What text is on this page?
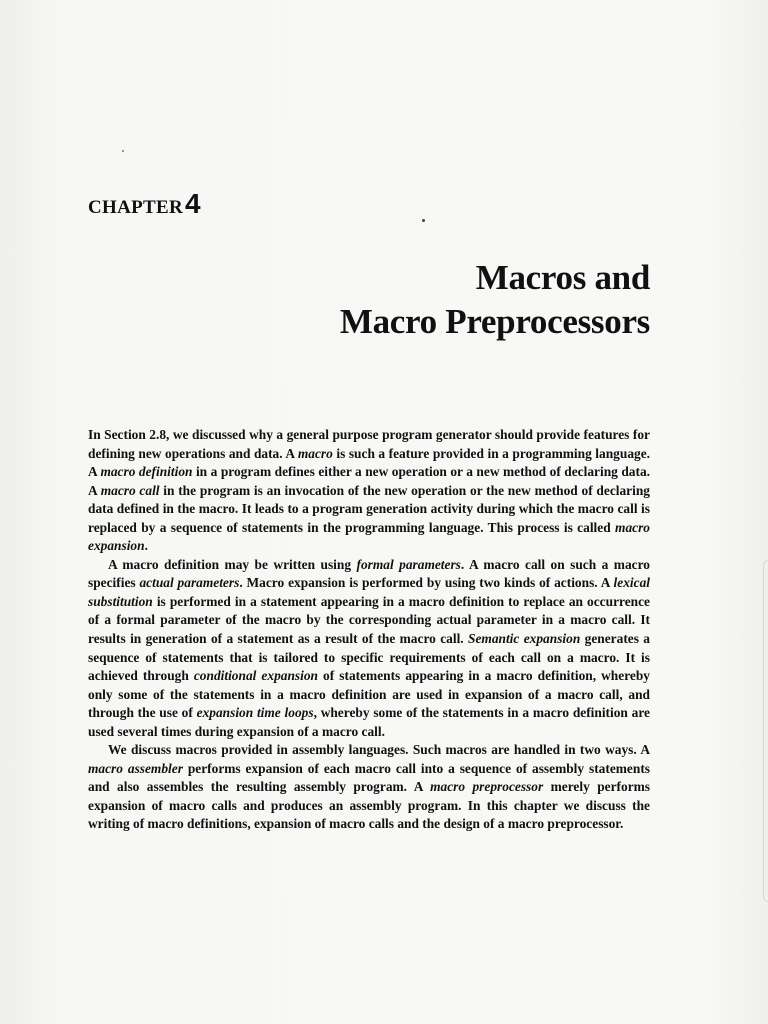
CHAPTER4
Macros and
Macro Preprocessors

In Section 2.8, we discussed why a general purpose program generator should provide features for defining new operations and data. A macro is such a feature provided in a programming language. A macro definition in a program defines either a new operation or a new method of declaring data. A macro call in the program is an invocation of the new operation or the new method of declaring data defined in the macro. It leads to a program generation activity during which the macro call is replaced by a sequence of statements in the programming language. This process is called macro expansion.

A macro definition may be written using formal parameters. A macro call on such a macro specifies actual parameters. Macro expansion is performed by using two kinds of actions. A lexical substitution is performed in a statement appearing in a macro definition to replace an occurrence of a formal parameter of the macro by the corresponding actual parameter in a macro call. It results in generation of a statement as a result of the macro call. Semantic expansion generates a sequence of statements that is tailored to specific requirements of each call on a macro. It is achieved through conditional expansion of statements appearing in a macro definition, whereby only some of the statements in a macro definition are used in expansion of a macro call, and through the use of expansion time loops, whereby some of the statements in a macro definition are used several times during expansion of a macro call.

We discuss macros provided in assembly languages. Such macros are handled in two ways. A macro assembler performs expansion of each macro call into a sequence of assembly statements and also assembles the resulting assembly program. A macro preprocessor merely performs expansion of macro calls and produces an assembly program. In this chapter we discuss the writing of macro definitions, expansion of macro calls and the design of a macro preprocessor.
